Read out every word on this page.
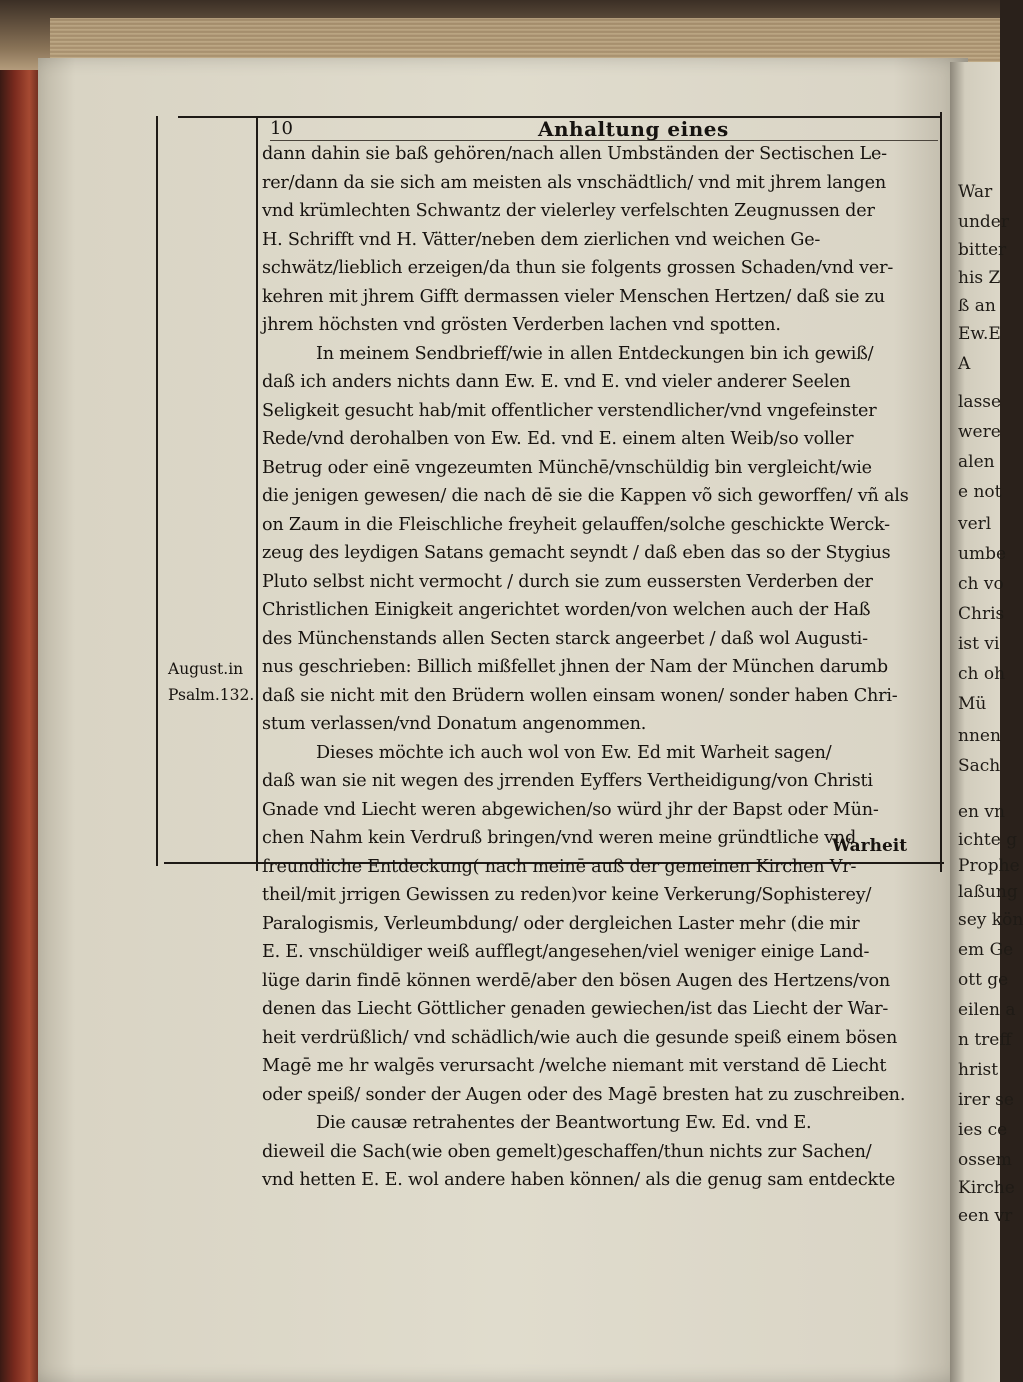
War
under
bitter
his Z
ß an
Ew.E
A
lasse
were
alen
e not
verl
umbe
ch vo
Chris
ist vi
ch oh
Mü
nnen
Sach
en vn
ichte g
Prophe
laßung
sey kön
em Ge
ott ge
eilen a
n treff
hrist
irer se
ies ce
ossem
Kirche
een vr
10	Anhaltung eines
August.in
Psalm.132.
dann dahin sie baß gehören/nach allen Umbständen der Sectischen Le-
rer/dann da sie sich am meisten als vnschädtlich/ vnd mit jhrem langen
vnd krümlechten Schwantz der vielerley verfelschten Zeugnussen der
H. Schrifft vnd H. Vätter/neben dem zierlichen vnd weichen Ge-
schwätz/lieblich erzeigen/da thun sie folgents grossen Schaden/vnd ver-
kehren mit jhrem Gifft dermassen vieler Menschen Hertzen/ daß sie zu
jhrem höchsten vnd grösten Verderben lachen vnd spotten.
In meinem Sendbrieff/wie in allen Entdeckungen bin ich gewiß/
daß ich anders nichts dann Ew. E. vnd E. vnd vieler anderer Seelen
Seligkeit gesucht hab/mit offentlicher verstendlicher/vnd vngefeinster
Rede/vnd derohalben von Ew. Ed. vnd E. einem alten Weib/so voller
Betrug oder einē vngezeumten Münchē/vnschüldig bin vergleicht/wie
die jenigen gewesen/ die nach dē sie die Kappen võ sich geworffen/ vñ als
on Zaum in die Fleischliche freyheit gelauffen/solche geschickte Werck-
zeug des leydigen Satans gemacht seyndt / daß eben das so der Stygius
Pluto selbst nicht vermocht / durch sie zum eussersten Verderben der
Christlichen Einigkeit angerichtet worden/von welchen auch der Haß
des Münchenstands allen Secten starck angeerbet / daß wol Augusti-
nus geschrieben: Billich mißfellet jhnen der Nam der München darumb
daß sie nicht mit den Brüdern wollen einsam wonen/ sonder haben Chri-
stum verlassen/vnd Donatum angenommen.
Dieses möchte ich auch wol von Ew. Ed mit Warheit sagen/
daß wan sie nit wegen des jrrenden Eyffers Vertheidigung/von Christi
Gnade vnd Liecht weren abgewichen/so würd jhr der Bapst oder Mün-
chen Nahm kein Verdruß bringen/vnd weren meine gründtliche vnd
freundliche Entdeckung( nach meinē auß der gemeinen Kirchen Vr-
theil/mit jrrigen Gewissen zu reden)vor keine Verkerung/Sophisterey/
Paralogismis, Verleumbdung/ oder dergleichen Laster mehr (die mir
E. E. vnschüldiger weiß aufflegt/angesehen/viel weniger einige Land-
lüge darin findē können werdē/aber den bösen Augen des Hertzens/von
denen das Liecht Göttlicher genaden gewiechen/ist das Liecht der War-
heit verdrüßlich/ vnd schädlich/wie auch die gesunde speiß einem bösen
Magē me hr walgēs verursacht /welche niemant mit verstand dē Liecht
oder speiß/ sonder der Augen oder des Magē bresten hat zu zuschreiben.
Die causæ retrahentes der Beantwortung Ew. Ed. vnd E.
dieweil die Sach(wie oben gemelt)geschaffen/thun nichts zur Sachen/
vnd hetten E. E. wol andere haben können/ als die genug sam entdeckte
Warheit
